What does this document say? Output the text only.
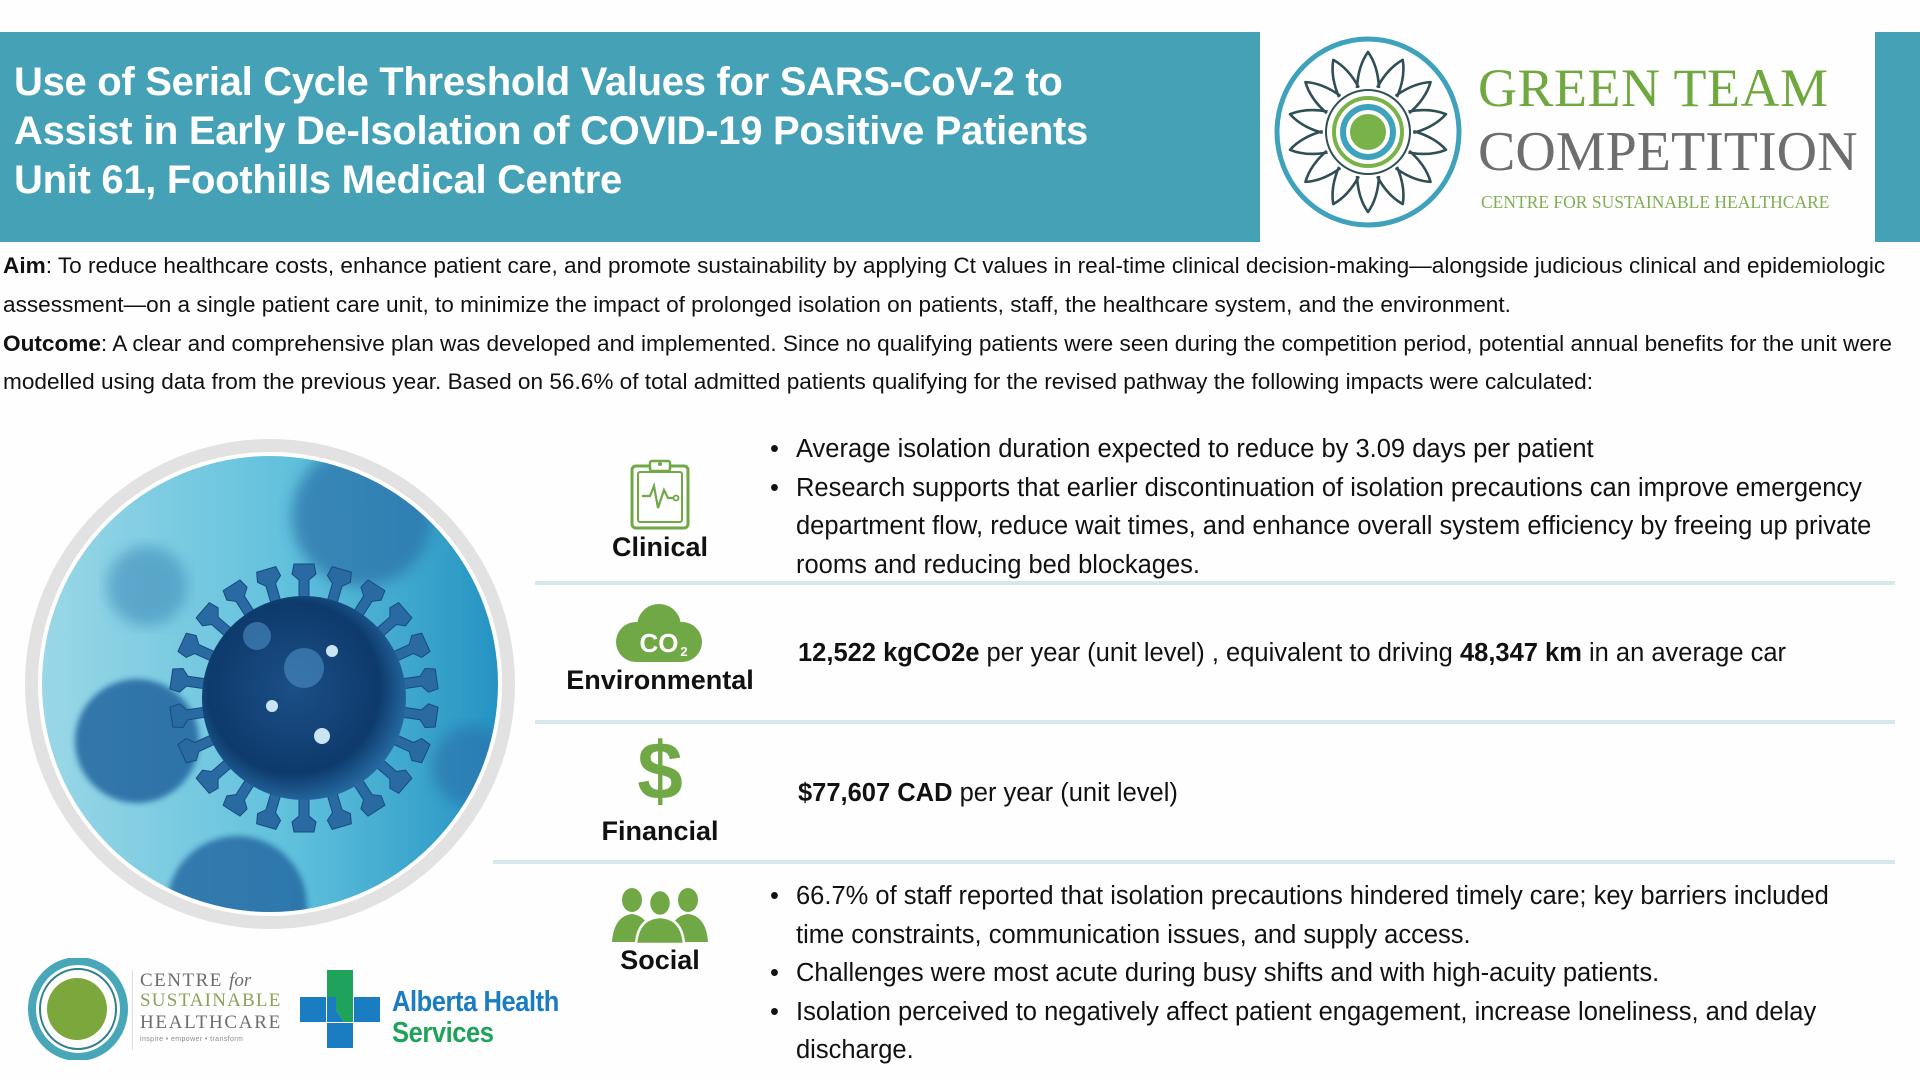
Use of Serial Cycle Threshold Values for SARS-CoV-2 to
Assist in Early De-Isolation of COVID-19 Positive Patients
Unit 61, Foothills Medical Centre
GREEN TEAM
COMPETITION
CENTRE FOR SUSTAINABLE HEALTHCARE

Aim: To reduce healthcare costs, enhance patient care, and promote sustainability by applying Ct values in real-time clinical decision-making—alongside judicious clinical and epidemiologic assessment—on a single patient care unit, to minimize the impact of prolonged isolation on patients, staff, the healthcare system, and the environment.

Outcome: A clear and comprehensive plan was developed and implemented. Since no qualifying patients were seen during the competition period, potential annual benefits for the unit were modelled using data from the previous year. Based on 56.6% of total admitted patients qualifying for the revised pathway the following impacts were calculated:

Clinical
• Average isolation duration expected to reduce by 3.09 days per patient
• Research supports that earlier discontinuation of isolation precautions can improve emergency department flow, reduce wait times, and enhance overall system efficiency by freeing up private rooms and reducing bed blockages.
CO 2
Environmental
12,522 kgCO2e per year (unit level) , equivalent to driving 48,347 km in an average car
$
Financial
$77,607 CAD per year (unit level)
Social
• 66.7% of staff reported that isolation precautions hindered timely care; key barriers included time constraints, communication issues, and supply access.
• Challenges were most acute during busy shifts and with high-acuity patients.
• Isolation perceived to negatively affect patient engagement, increase loneliness, and delay discharge.
CENTRE for
SUSTAINABLE
HEALTHCARE
inspire • empower • transform
Alberta Health
Services
